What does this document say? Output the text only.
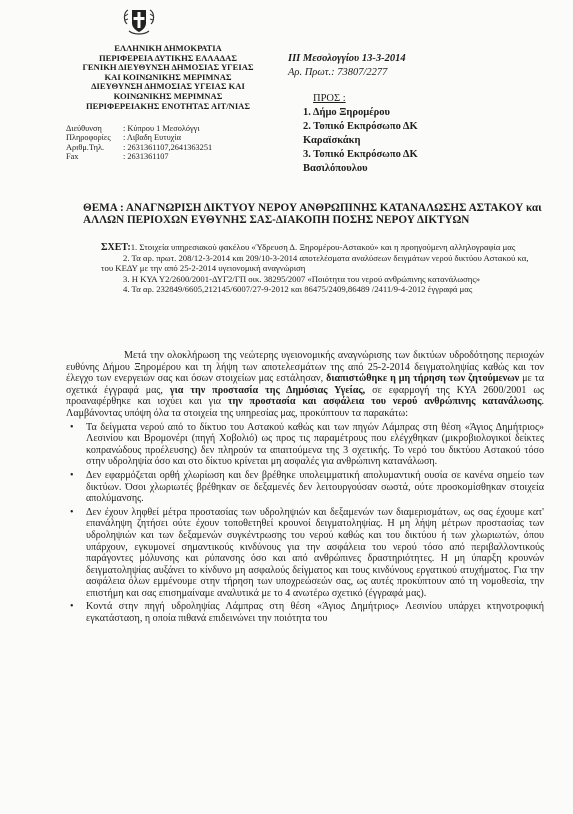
ΕΛΛΗΝΙΚΗ ΔΗΜΟΚΡΑΤΙΑ
ΠΕΡΙΦΕΡΕΙΑ ΔΥΤΙΚΗΣ ΕΛΛΑΔΑΣ
ΓΕΝΙΚΗ ΔΙΕΥΘΥΝΣΗ ΔΗΜΟΣΙΑΣ ΥΓΕΙΑΣ
ΚΑΙ ΚΟΙΝΩΝΙΚΗΣ ΜΕΡΙΜΝΑΣ
ΔΙΕΥΘΥΝΣΗ ΔΗΜΟΣΙΑΣ ΥΓΕΙΑΣ ΚΑΙ
ΚΟΙΝΩΝΙΚΗΣ ΜΕΡΙΜΝΑΣ
ΠΕΡΙΦΕΡΕΙΑΚΗΣ ΕΝΟΤΗΤΑΣ ΑΙΤ/ΝΙΑΣ
Διεύθυνση	: Κύπρου 1 Μεσολόγγι
Πληροφορίες	: Λιβαδη Ευτυχία
Αριθμ.Τηλ.	: 2631361107,2641363251
Fax	: 2631361107
ΙΙΙ Μεσολογγίου 13-3-2014
Αρ. Πρωτ.: 73807/2277
ΠΡΟΣ :
1. Δήμο Ξηρομέρου
2. Τοπικό Εκπρόσωπο ΔΚ Καραϊσκάκη
3. Τοπικό Εκπρόσωπο ΔΚ Βασιλόπουλου
ΘΕΜΑ : ΑΝΑΓΝΩΡΙΣΗ ΔΙΚΤΥΟΥ ΝΕΡΟΥ ΑΝΘΡΩΠΙΝΗΣ ΚΑΤΑΝΑΛΩΣΗΣ ΑΣΤΑΚΟΥ και ΑΛΛΩΝ ΠΕΡΙΟΧΩΝ ΕΥΘΥΝΗΣ ΣΑΣ-ΔΙΑΚΟΠΗ ΠΟΣΗΣ ΝΕΡΟΥ ΔΙΚΤΥΩΝ

ΣΧΕΤ:1. Στοιχεία υπηρεσιακού φακέλου «Ύδρευση Δ. Ξηρομέρου-Αστακού» και η προηγούμενη αλληλογραφία μας

2. Τα αρ. πρωτ. 208/12-3-2014 και 209/10-3-2014 αποτελέσματα αναλύσεων δειγμάτων νερού δικτύου Αστακού κα, του ΚΕΔΥ με την από 25-2-2014 υγειονομική αναγνώριση

3. Η ΚΥΑ Υ2/2600/2001-ΔΥΓ2/ΓΠ οικ. 38295/2007 «Ποιότητα του νερού ανθρώπινης κατανάλωσης»

4. Τα αρ. 232849/6605,212145/6007/27-9-2012 και 86475/2409,86489 /2411/9-4-2012 έγγραφά μας

Μετά την ολοκλήρωση της νεώτερης υγειονομικής αναγνώρισης των δικτύων υδροδότησης περιοχών ευθύνης Δήμου Ξηρομέρου και τη λήψη των αποτελεσμάτων της από 25-2-2014 δειγματοληψίας καθώς και τον έλεγχο των ενεργειών σας και όσων στοιχείων μας εστάλησαν, διαπιστώθηκε η μη τήρηση των ζητούμενων με τα σχετικά έγγραφά μας, για την προστασία της Δημόσιας Υγείας, σε εφαρμογή της ΚΥΑ 2600/2001 ως προαναφέρθηκε και ισχύει και για την προστασία και ασφάλεια του νερού ανθρώπινης κατανάλωσης. Λαμβάνοντας υπόψη όλα τα στοιχεία της υπηρεσίας μας, προκύπτουν τα παρακάτω:

• Τα δείγματα νερού από το δίκτυο του Αστακού καθώς και των πηγών Λάμπρας στη θέση «Άγιος Δημήτριος» Λεσινίου και Βρομονέρι (πηγή Χοβολιό) ως προς τις παραμέτρους που ελέγχθηκαν (μικροβιολογικοί δείκτες κοπρανώδους προέλευσης) δεν πληρούν τα απαιτούμενα της 3 σχετικής. Το νερό του δικτύου Αστακού τόσο στην υδροληψία όσο και στο δίκτυο κρίνεται μη ασφαλές για ανθρώπινη κατανάλωση.

• Δεν εφαρμόζεται ορθή χλωρίωση και δεν βρέθηκε υπολειμματική απολυμαντική ουσία σε κανένα σημείο των δικτύων. Όσοι χλωριωτές βρέθηκαν σε δεξαμενές δεν λειτουργούσαν σωστά, ούτε προσκομίσθηκαν στοιχεία απολύμανσης.

• Δεν έχουν ληφθεί μέτρα προστασίας των υδροληψιών και δεξαμενών των διαμερισμάτων, ως σας έχουμε κατ' επανάληψη ζητήσει ούτε έχουν τοποθετηθεί κρουνοί δειγματοληψίας. Η μη λήψη μέτρων προστασίας των υδροληψιών και των δεξαμενών συγκέντρωσης του νερού καθώς και του δικτύου ή των χλωριωτών, όπου υπάρχουν, εγκυμονεί σημαντικούς κινδύνους για την ασφάλεια του νερού τόσο από περιβαλλοντικούς παράγοντες μόλυνσης και ρύπανσης όσο και από ανθρώπινες δραστηριότητες. Η μη ύπαρξη κρουνών δειγματοληψίας αυξάνει το κίνδυνο μη ασφαλούς δείγματος και τους κινδύνους εργατικού ατυχήματος. Για την ασφάλεια όλων εμμένουμε στην τήρηση των υποχρεώσεών σας, ως αυτές προκύπτουν από τη νομοθεσία, την επιστήμη και σας επισημαίναμε αναλυτικά με το 4 ανωτέρω σχετικό (έγγραφά μας).

• Κοντά στην πηγή υδροληψίας Λάμπρας στη θέση «Άγιος Δημήτριος» Λεσινίου υπάρχει κτηνοτροφική εγκατάσταση, η οποία πιθανά επιδεινώνει την ποιότητα του
